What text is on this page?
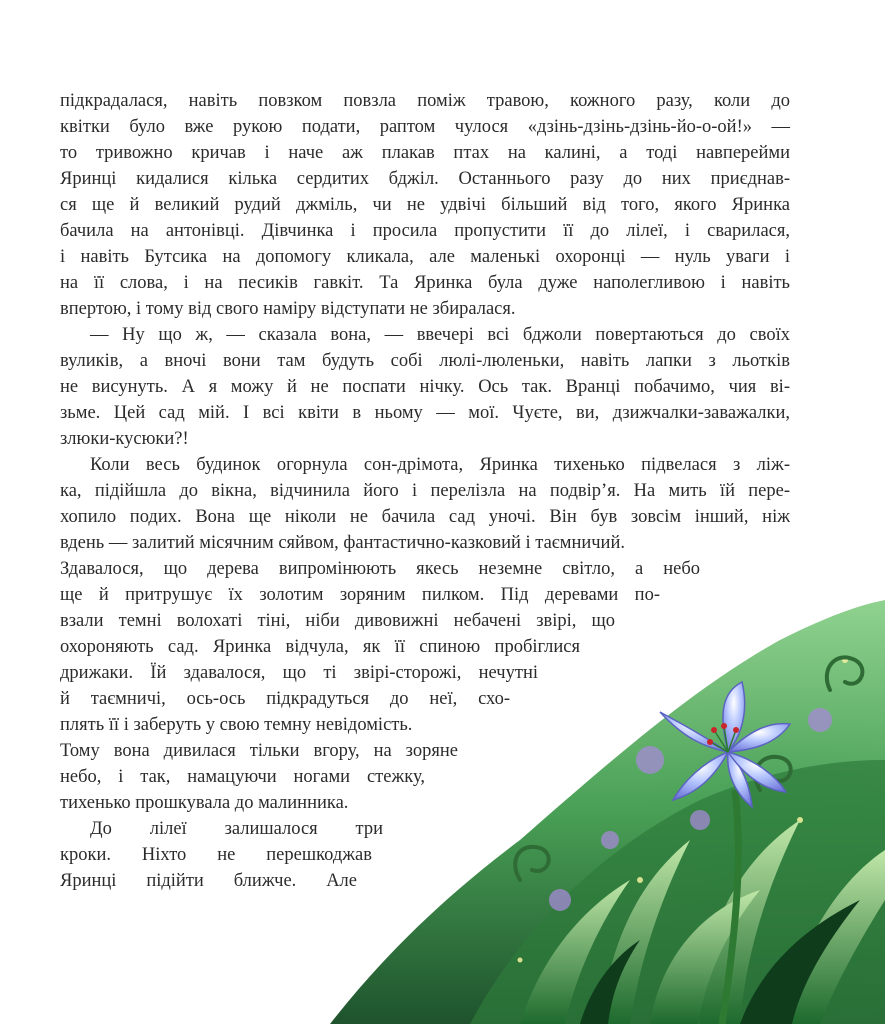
підкрадалася, навіть повзком повзла поміж травою, кожного разу, коли до
квітки було вже рукою подати, раптом чулося «дзінь-дзінь-дзінь-йо-о-ой!» —
то тривожно кричав і наче аж плакав птах на калині, а тоді навперейми
Яринці кидалися кілька сердитих бджіл. Останнього разу до них приєднав-
ся ще й великий рудий джміль, чи не удвічі більший від того, якого Яринка
бачила на антонівці. Дівчинка і просила пропустити її до лілеї, і сварилася,
і навіть Бутсика на допомогу кликала, але маленькі охоронці — нуль уваги і
на її слова, і на песиків гавкіт. Та Яринка була дуже наполегливою і навіть
впертою, і тому від свого наміру відступати не збиралася.
— Ну що ж, — сказала вона, — ввечері всі бджоли повертаються до своїх
вуликів, а вночі вони там будуть собі люлі-люленьки, навіть лапки з льотків
не висунуть. А я можу й не поспати нічку. Ось так. Вранці побачимо, чия ві-
зьме. Цей сад мій. І всі квіти в ньому — мої. Чуєте, ви, дзижчалки-заважалки,
злюки-кусюки?!
Коли весь будинок огорнула сон-дрімота, Яринка тихенько підвелася з ліж-
ка, підійшла до вікна, відчинила його і перелізла на подвір’я. На мить їй пере-
хопило подих. Вона ще ніколи не бачила сад уночі. Він був зовсім інший, ніж
вдень — залитий місячним сяйвом, фантастично-казковий і таємничий.
Здавалося, що дерева випромінюють якесь неземне світло, а небо
ще й притрушує їх золотим зоряним пилком. Під деревами по-
взали темні волохаті тіні, ніби дивовижні небачені звірі, що
охороняють сад. Яринка відчула, як її спиною пробіглися
дрижаки. Їй здавалося, що ті звірі-сторожі, нечутні
й таємничі, ось-ось підкрадуться до неї, схо-
плять її і заберуть у свою темну невідомість.
Тому вона дивилася тільки вгору, на зоряне
небо, і так, намацуючи ногами стежку,
тихенько прошкувала до малинника.
До лілеї залишалося три
кроки. Ніхто не перешкоджав
Яринці підійти ближче. Але
